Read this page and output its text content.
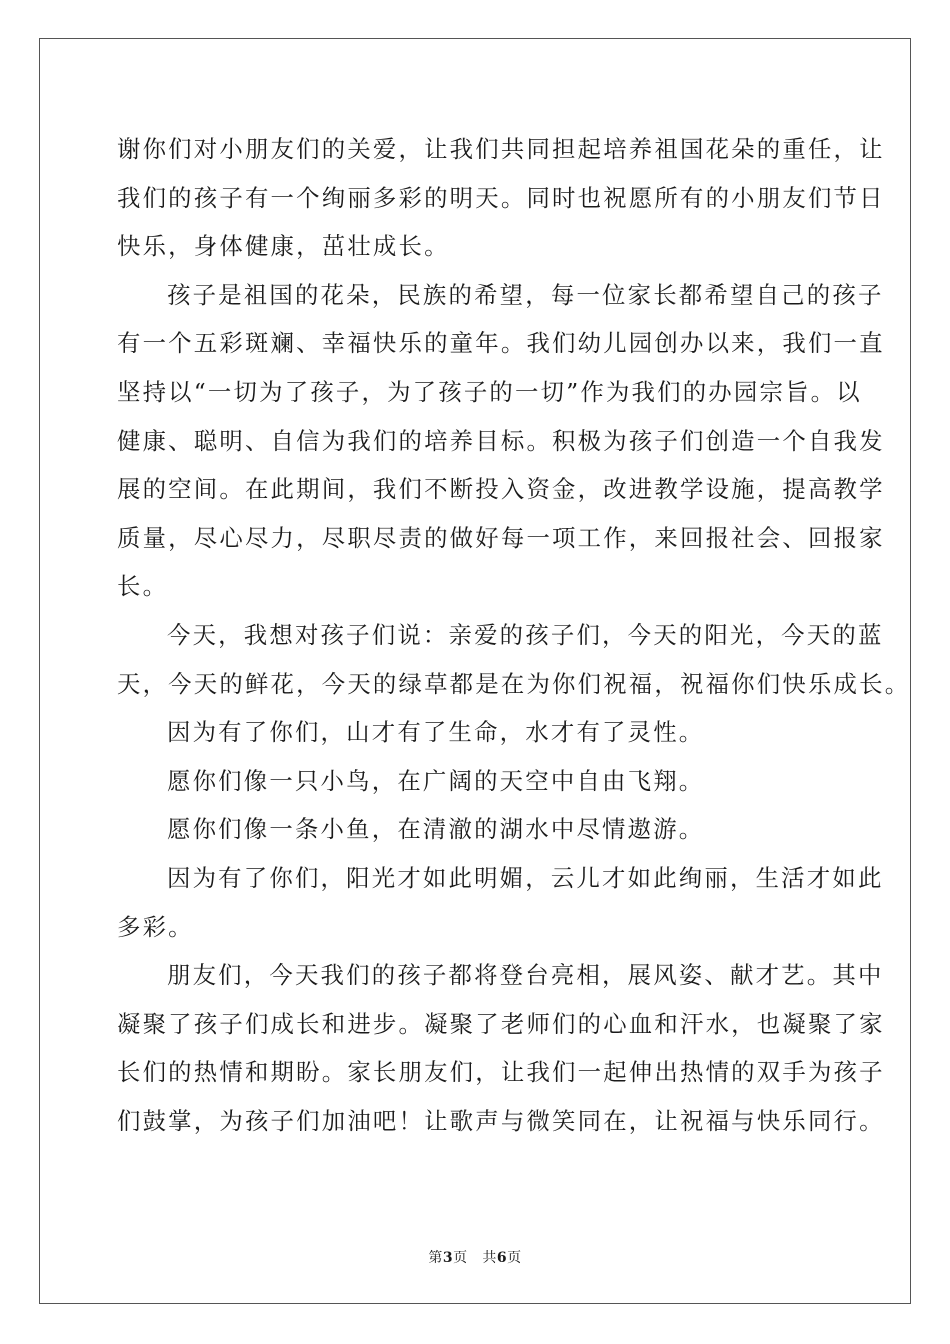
谢你们对小朋友们的关爱，让我们共同担起培养祖国花朵的重任，让
我们的孩子有一个绚丽多彩的明天。同时也祝愿所有的小朋友们节日
快乐，身体健康，茁壮成长。
孩子是祖国的花朵，民族的希望，每一位家长都希望自己的孩子
有一个五彩斑斓、幸福快乐的童年。我们幼儿园创办以来，我们一直
坚持以“一切为了孩子，为了孩子的一切”作为我们的办园宗旨。以
健康、聪明、自信为我们的培养目标。积极为孩子们创造一个自我发
展的空间。在此期间，我们不断投入资金，改进教学设施，提高教学
质量，尽心尽力，尽职尽责的做好每一项工作，来回报社会、回报家
长。
今天，我想对孩子们说：亲爱的孩子们，今天的阳光，今天的蓝
天，今天的鲜花，今天的绿草都是在为你们祝福，祝福你们快乐成长。
因为有了你们，山才有了生命，水才有了灵性。
愿你们像一只小鸟，在广阔的天空中自由飞翔。
愿你们像一条小鱼，在清澈的湖水中尽情遨游。
因为有了你们，阳光才如此明媚，云儿才如此绚丽，生活才如此
多彩。
朋友们，今天我们的孩子都将登台亮相，展风姿、献才艺。其中
凝聚了孩子们成长和进步。凝聚了老师们的心血和汗水，也凝聚了家
长们的热情和期盼。家长朋友们，让我们一起伸出热情的双手为孩子
们鼓掌，为孩子们加油吧！让歌声与微笑同在，让祝福与快乐同行。
第3页 共6页
